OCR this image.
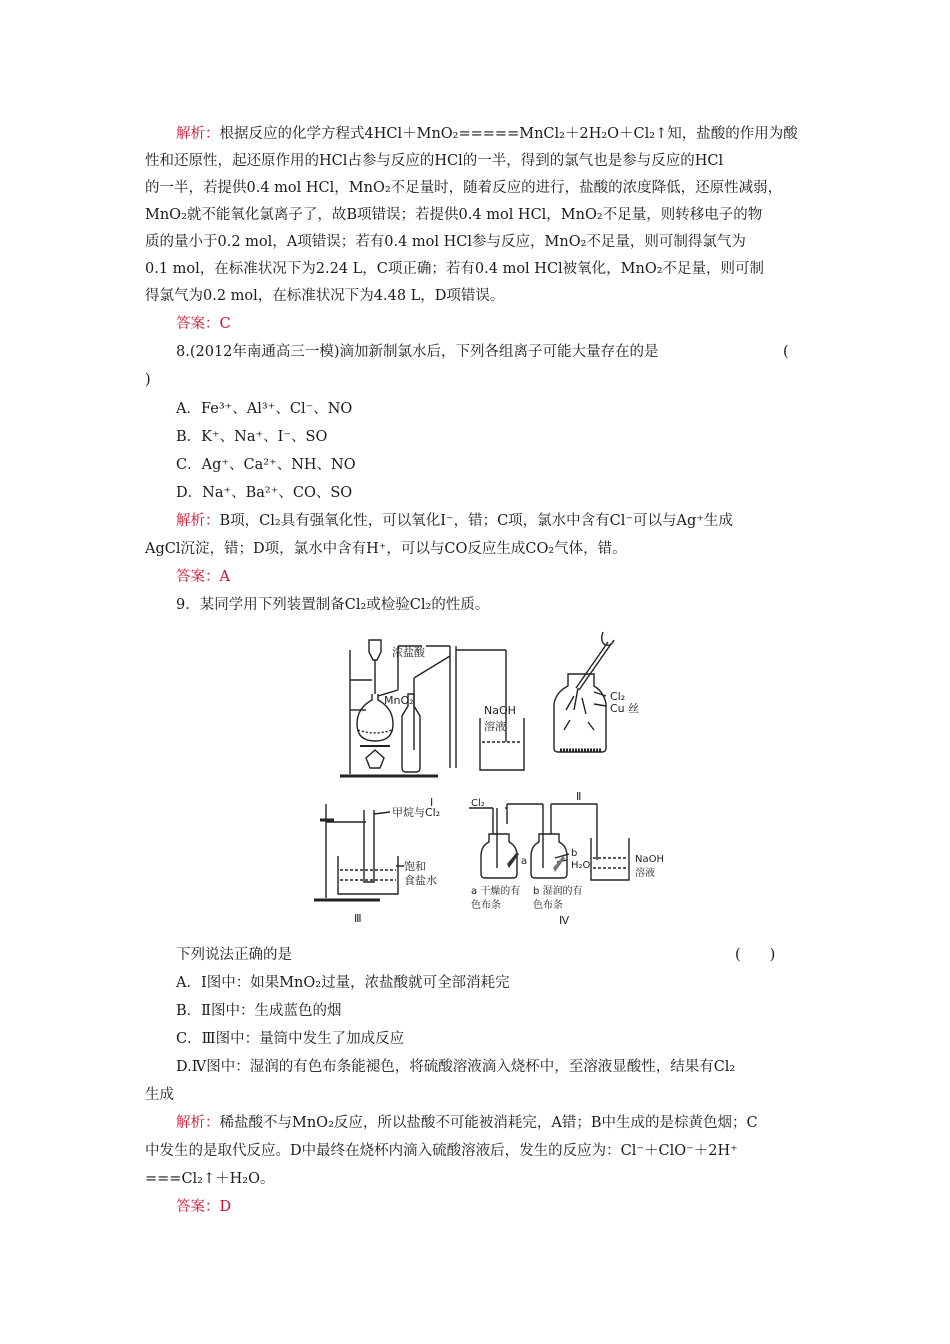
解析：根据反应的化学方程式4HCl＋MnO₂=====MnCl₂＋2H₂O＋Cl₂↑知，盐酸的作用为酸
性和还原性，起还原作用的HCl占参与反应的HCl的一半，得到的氯气也是参与反应的HCl
的一半，若提供0.4 mol HCl，MnO₂不足量时，随着反应的进行，盐酸的浓度降低，还原性减弱，
MnO₂就不能氧化氯离子了，故B项错误；若提供0.4 mol HCl，MnO₂不足量，则转移电子的物
质的量小于0.2 mol，A项错误；若有0.4 mol HCl参与反应，MnO₂不足量，则可制得氯气为
0.1 mol，在标准状况下为2.24 L，C项正确；若有0.4 mol HCl被氧化，MnO₂不足量，则可制
得氯气为0.2 mol，在标准状况下为4.48 L，D项错误。
答案：C
8.(2012年南通高三一模)滴加新制氯水后，下列各组离子可能大量存在的是	(
)
A．Fe³⁺、Al³⁺、Cl⁻、NO
B．K⁺、Na⁺、I⁻、SO
C．Ag⁺、Ca²⁺、NH、NO
D．Na⁺、Ba²⁺、CO、SO
解析：B项，Cl₂具有强氧化性，可以氧化I⁻，错；C项，氯水中含有Cl⁻可以与Ag⁺生成
AgCl沉淀，错；D项，氯水中含有H⁺，可以与CO反应生成CO₂气体，错。
答案：A
9．某同学用下列装置制备Cl₂或检验Cl₂的性质。
浓盐酸
MnO₂
NaOH
溶液
Ⅰ
Cl₂
Cu 丝
Ⅱ
甲烷与Cl₂
饱和
食盐水
Ⅲ
Cl₂
a
b
H₂O
NaOH
溶液
a 干燥的有
色布条
b 湿润的有
色布条
Ⅳ
下列说法正确的是	(　　)
A．Ⅰ图中：如果MnO₂过量，浓盐酸就可全部消耗完
B．Ⅱ图中：生成蓝色的烟
C．Ⅲ图中：量筒中发生了加成反应
D.Ⅳ图中：湿润的有色布条能褪色，将硫酸溶液滴入烧杯中，至溶液显酸性，结果有Cl₂
生成
解析：稀盐酸不与MnO₂反应，所以盐酸不可能被消耗完，A错；B中生成的是棕黄色烟；C
中发生的是取代反应。D中最终在烧杯内滴入硫酸溶液后，发生的反应为：Cl⁻＋ClO⁻＋2H⁺
===Cl₂↑＋H₂O。
答案：D
